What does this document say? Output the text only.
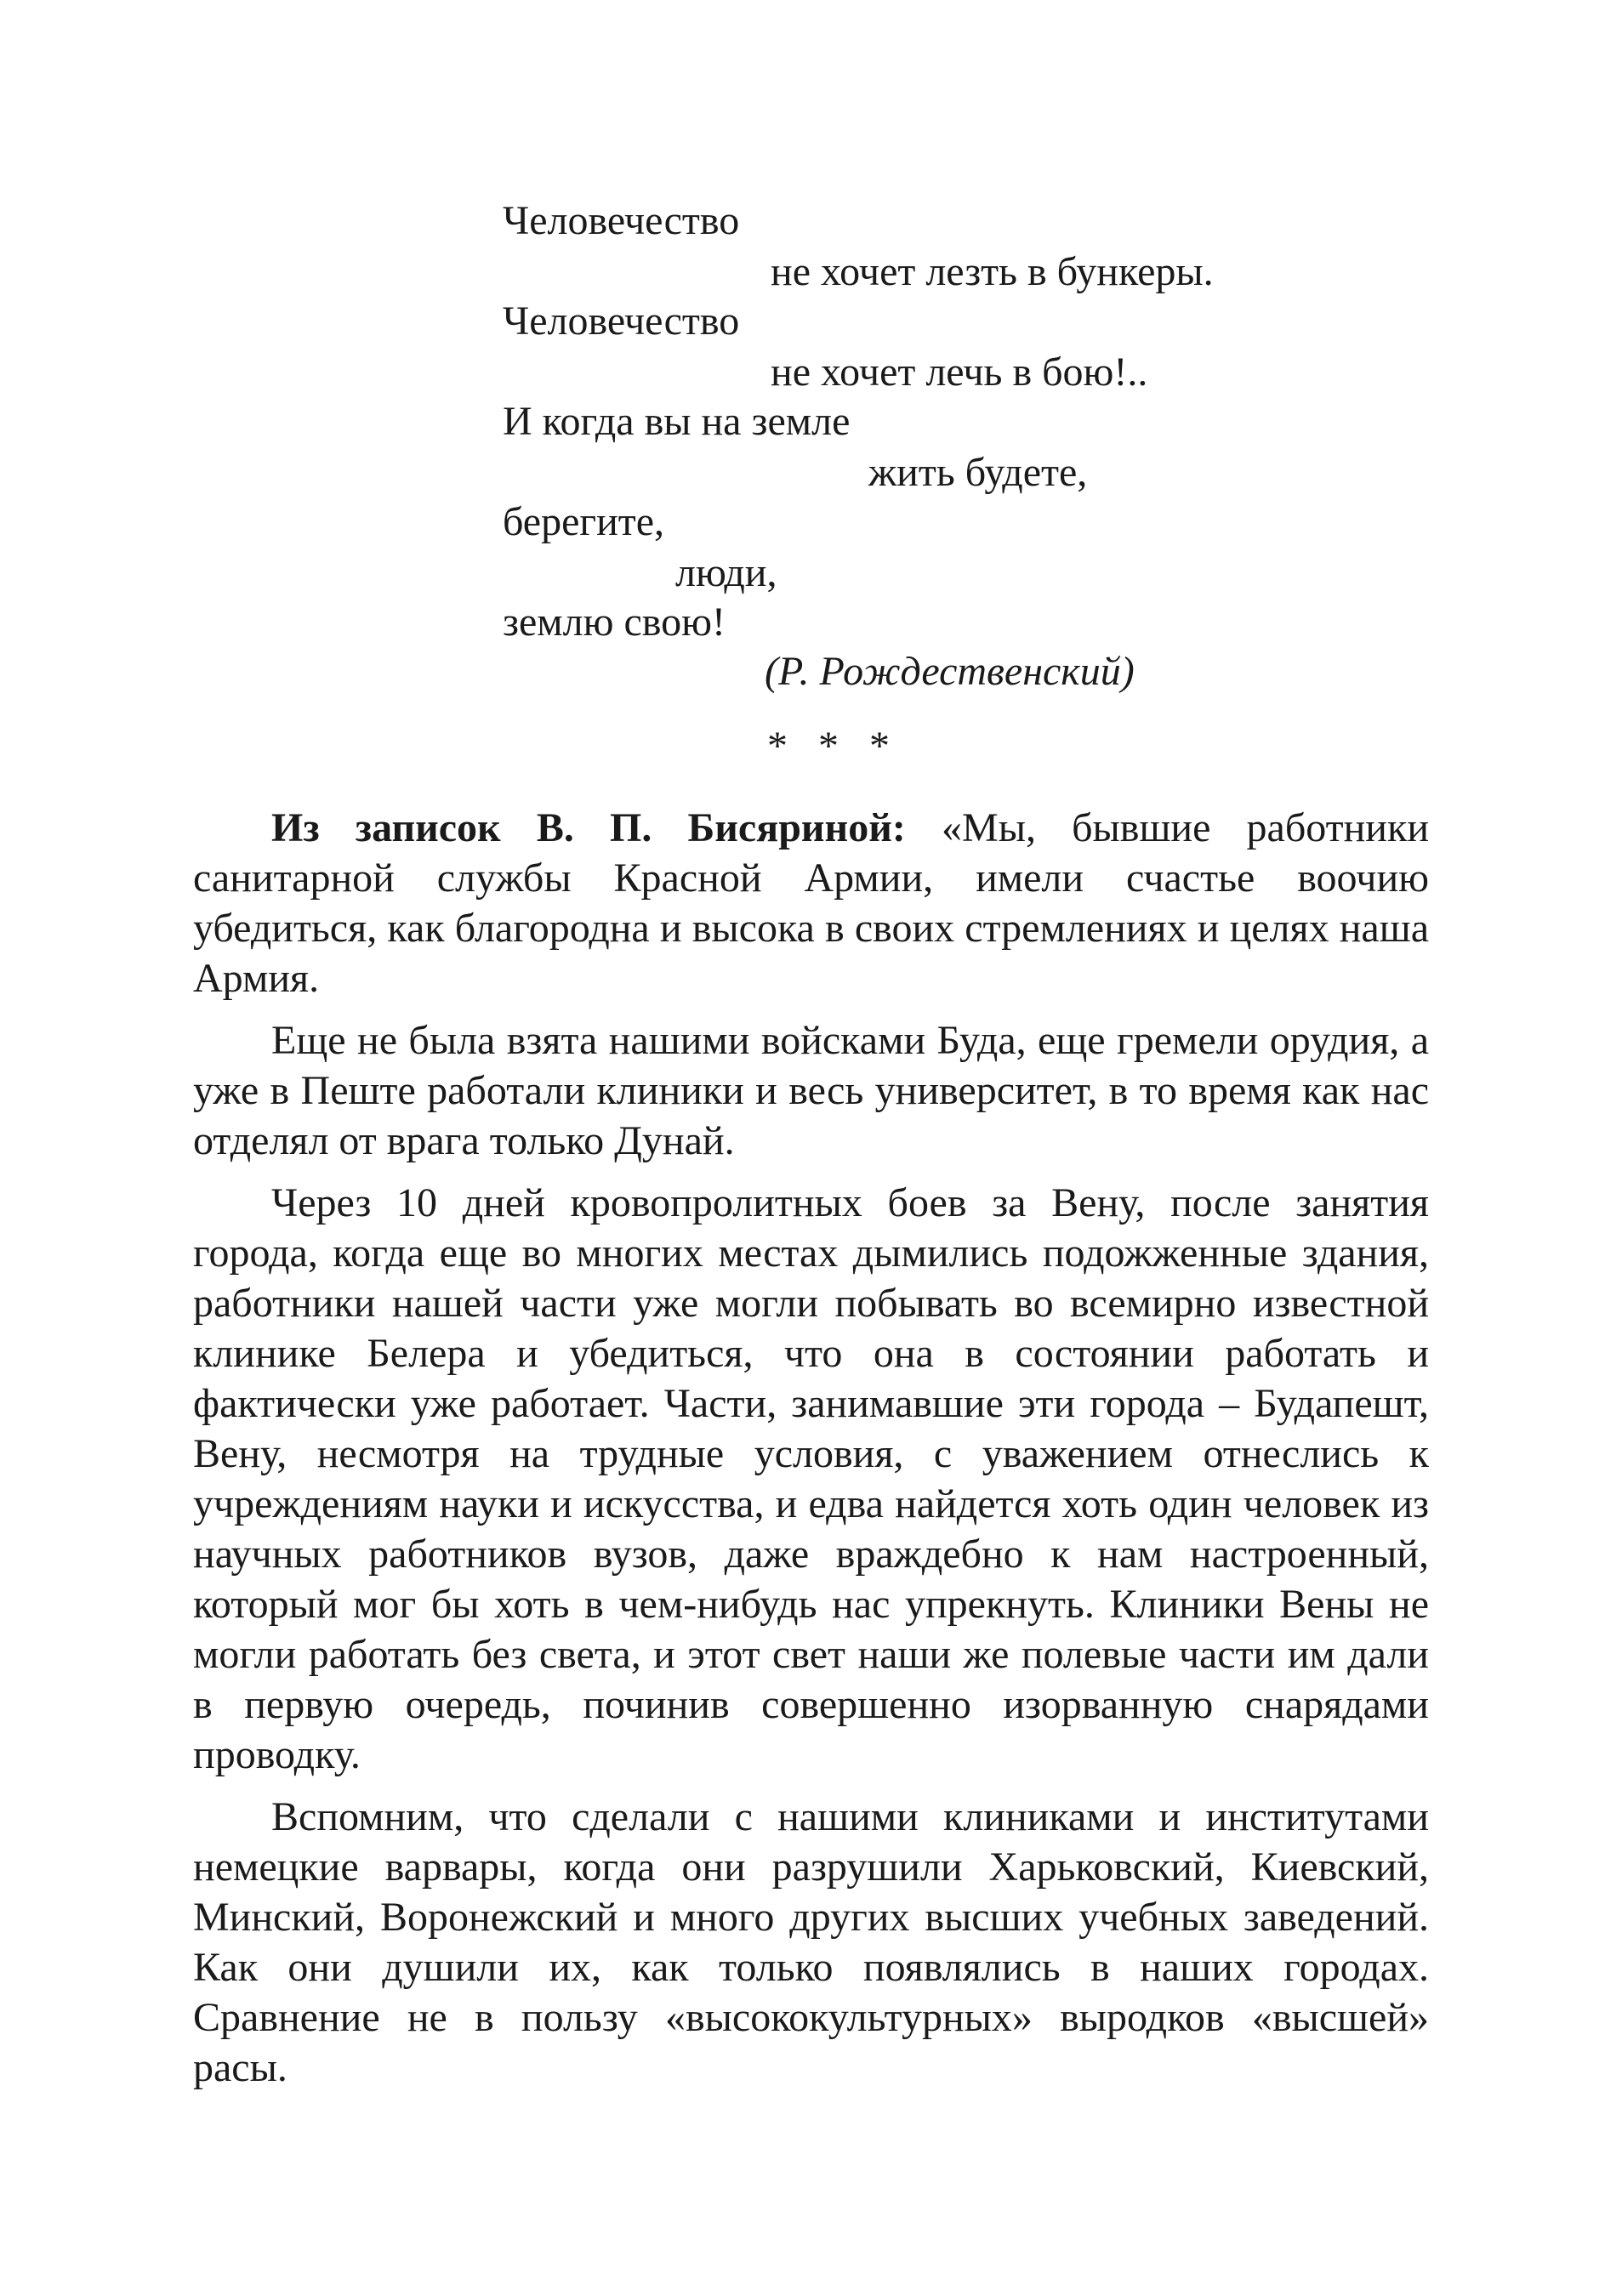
Человечество
не хочет лезть в бункеры.
Человечество
не хочет лечь в бою!..
И когда вы на земле
жить будете,
берегите,
люди,
землю свою!
(Р. Рождественский)
* * *

Из записок В. П. Бисяриной: «Мы, бывшие работники санитарной службы Красной Армии, имели счастье воочию убедиться, как благородна и высока в своих стремлениях и целях наша Армия.

Еще не была взята нашими войсками Буда, еще гремели орудия, а уже в Пеште работали клиники и весь университет, в то время как нас отделял от врага только Дунай.

Через 10 дней кровопролитных боев за Вену, после занятия города, когда еще во многих местах дымились подожженные здания, работники нашей части уже могли побывать во всемирно известной клинике Белера и убедиться, что она в состоянии работать и фактически уже работает. Части, занимавшие эти города – Будапешт, Вену, несмотря на трудные условия, с уважением отнеслись к учреждениям науки и искусства, и едва найдется хоть один человек из научных работников вузов, даже враждебно к нам настроенный, который мог бы хоть в чем-нибудь нас упрекнуть. Клиники Вены не могли работать без света, и этот свет наши же полевые части им дали в первую очередь, починив совершенно изорванную снарядами проводку.

Вспомним, что сделали с нашими клиниками и институтами немецкие варвары, когда они разрушили Харьковский, Киевский, Минский, Воронежский и много других высших учебных заведений. Как они душили их, как только появлялись в наших городах. Сравнение не в пользу «высококультурных» выродков «высшей» расы.
